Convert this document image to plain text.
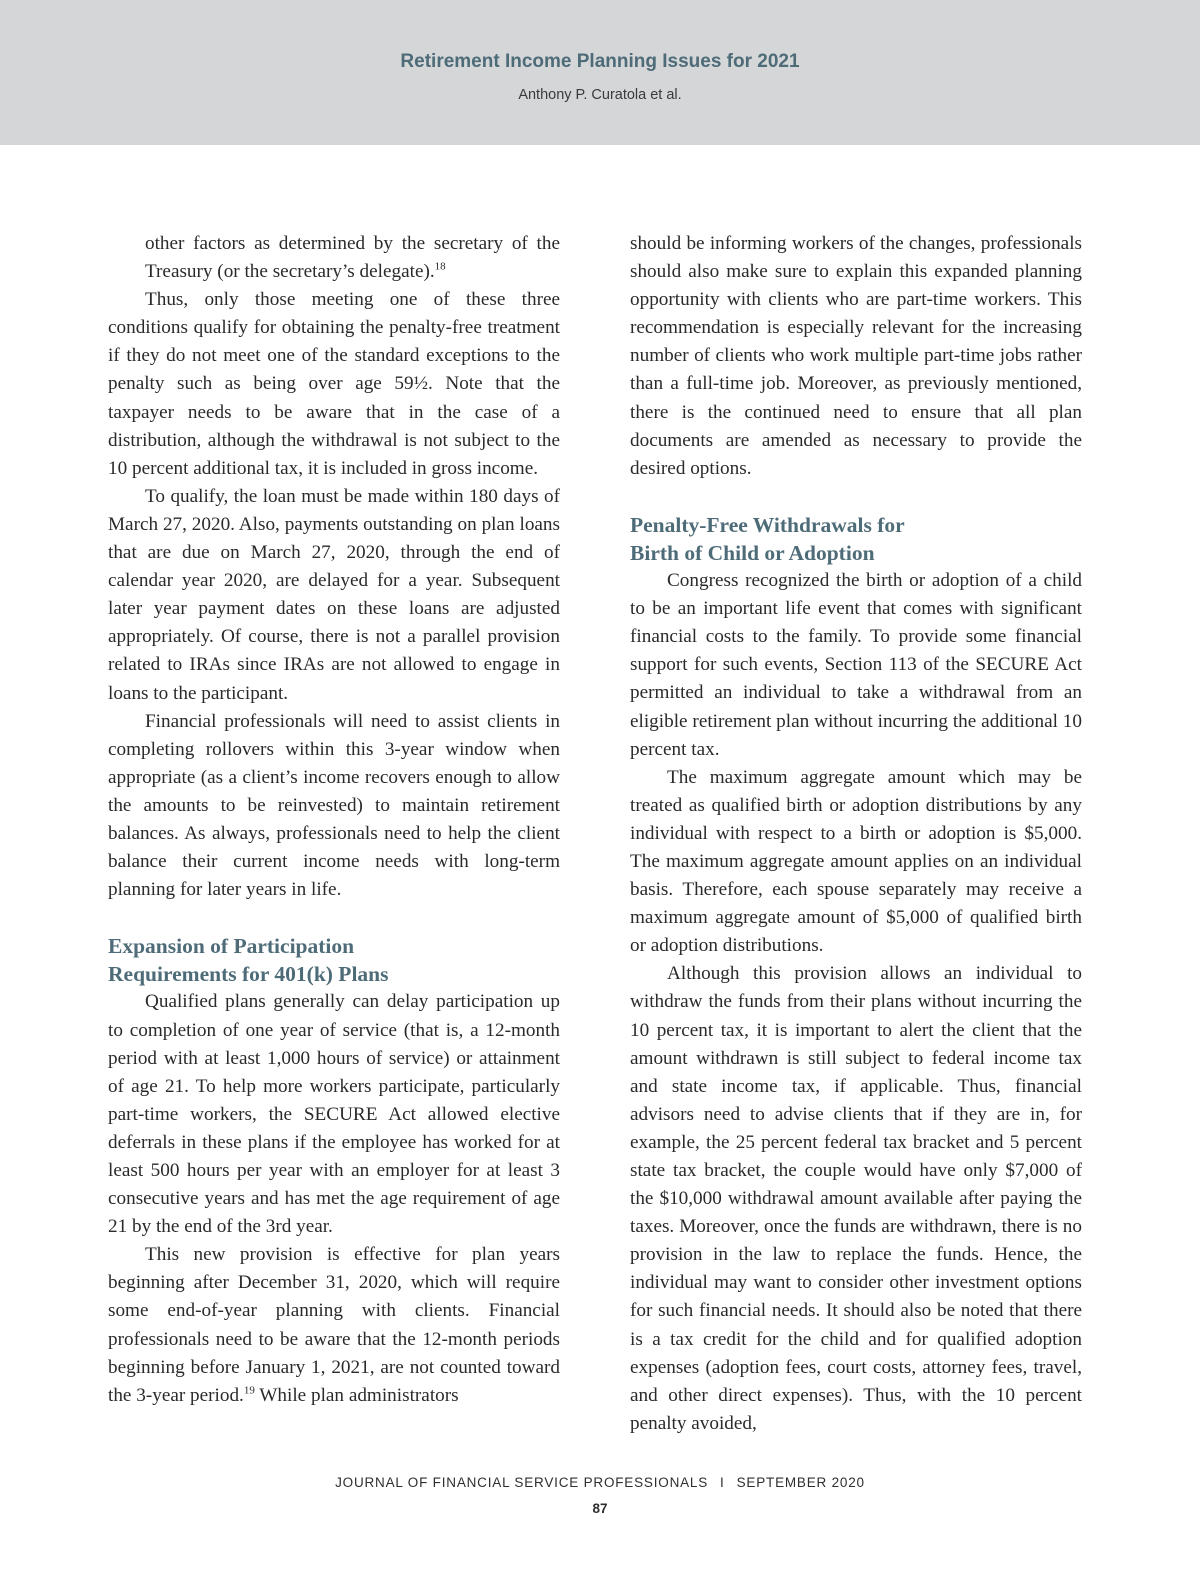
Retirement Income Planning Issues for 2021
Anthony P. Curatola et al.

other factors as determined by the secretary of the Treasury (or the secretary’s delegate).$^{18}$

Thus, only those meeting one of these three conditions qualify for obtaining the penalty-free treatment if they do not meet one of the standard exceptions to the penalty such as being over age 59½. Note that the taxpayer needs to be aware that in the case of a distribution, although the withdrawal is not subject to the 10 percent additional tax, it is included in gross income.

To qualify, the loan must be made within 180 days of March 27, 2020. Also, payments outstanding on plan loans that are due on March 27, 2020, through the end of calendar year 2020, are delayed for a year. Subsequent later year payment dates on these loans are adjusted appropriately. Of course, there is not a parallel provision related to IRAs since IRAs are not allowed to engage in loans to the participant.

Financial professionals will need to assist clients in completing rollovers within this 3-year window when appropriate (as a client’s income recovers enough to allow the amounts to be reinvested) to maintain retirement balances. As always, professionals need to help the client balance their current income needs with long-term planning for later years in life.

Expansion of Participation
Requirements for 401(k) Plans

Qualified plans generally can delay participation up to completion of one year of service (that is, a 12-month period with at least 1,000 hours of service) or attainment of age 21. To help more workers participate, particularly part-time workers, the SECURE Act allowed elective deferrals in these plans if the employee has worked for at least 500 hours per year with an employer for at least 3 consecutive years and has met the age requirement of age 21 by the end of the 3rd year.

This new provision is effective for plan years beginning after December 31, 2020, which will require some end-of-year planning with clients. Financial professionals need to be aware that the 12-month periods beginning before January 1, 2021, are not counted toward the 3-year period.$^{19}$ While plan administrators

should be informing workers of the changes, professionals should also make sure to explain this expanded planning opportunity with clients who are part-time workers. This recommendation is especially relevant for the increasing number of clients who work multiple part-time jobs rather than a full-time job. Moreover, as previously mentioned, there is the continued need to ensure that all plan documents are amended as necessary to provide the desired options.

Penalty-Free Withdrawals for
Birth of Child or Adoption

Congress recognized the birth or adoption of a child to be an important life event that comes with significant financial costs to the family. To provide some financial support for such events, Section 113 of the SECURE Act permitted an individual to take a withdrawal from an eligible retirement plan without incurring the additional 10 percent tax.

The maximum aggregate amount which may be treated as qualified birth or adoption distributions by any individual with respect to a birth or adoption is $5,000. The maximum aggregate amount applies on an individual basis. Therefore, each spouse separately may receive a maximum aggregate amount of $5,000 of qualified birth or adoption distributions.

Although this provision allows an individual to withdraw the funds from their plans without incurring the 10 percent tax, it is important to alert the client that the amount withdrawn is still subject to federal income tax and state income tax, if applicable. Thus, financial advisors need to advise clients that if they are in, for example, the 25 percent federal tax bracket and 5 percent state tax bracket, the couple would have only $7,000 of the $10,000 withdrawal amount available after paying the taxes. Moreover, once the funds are withdrawn, there is no provision in the law to replace the funds. Hence, the individual may want to consider other investment options for such financial needs. It should also be noted that there is a tax credit for the child and for qualified adoption expenses (adoption fees, court costs, attorney fees, travel, and other direct expenses). Thus, with the 10 percent penalty avoided,

JOURNAL OF FINANCIAL SERVICE PROFESSIONALS I SEPTEMBER 2020
87
